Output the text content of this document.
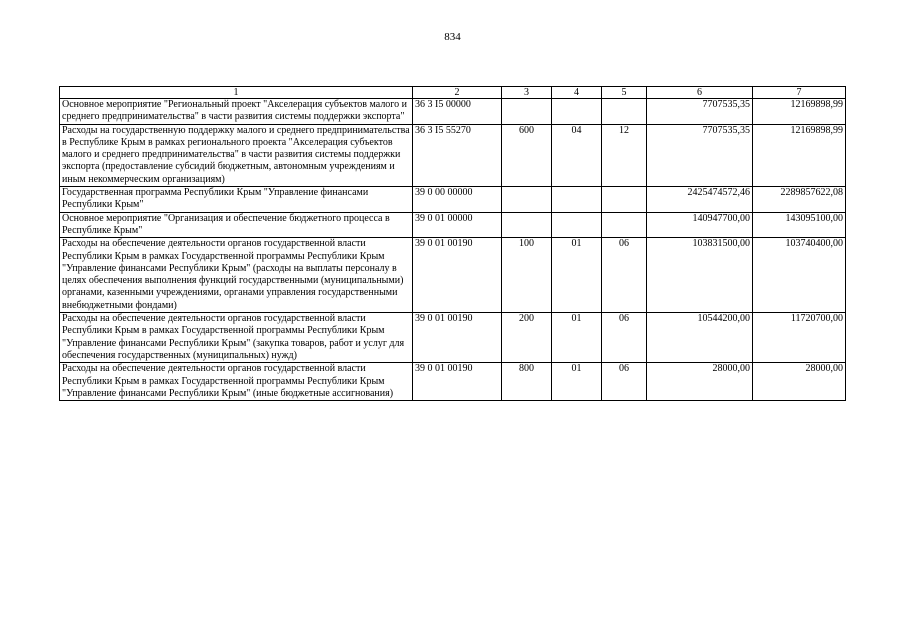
834
1	2	3	4	5	6	7
Основное мероприятие "Региональный проект "Акселерация субъектов малого и среднего предпринимательства" в части развития системы поддержки экспорта"	36 3 I5 00000				7707535,35	12169898,99
Расходы на государственную поддержку малого и среднего предпринимательства в Республике Крым в рамках регионального проекта "Акселерация субъектов малого и среднего предпринимательства" в части развития системы поддержки экспорта (предоставление субсидий бюджетным, автономным учреждениям и иным некоммерческим организациям)	36 3 I5 55270	600	04	12	7707535,35	12169898,99
Государственная программа Республики Крым "Управление финансами Республики Крым"	39 0 00 00000				2425474572,46	2289857622,08
Основное мероприятие "Организация и обеспечение бюджетного процесса в Республике Крым"	39 0 01 00000				140947700,00	143095100,00
Расходы на обеспечение деятельности органов государственной власти Республики Крым в рамках Государственной программы Республики Крым "Управление финансами Республики Крым" (расходы на выплаты персоналу в целях обеспечения выполнения функций государственными (муниципальными) органами, казенными учреждениями, органами управления государственными внебюджетными фондами)	39 0 01 00190	100	01	06	103831500,00	103740400,00
Расходы на обеспечение деятельности органов государственной власти Республики Крым в рамках Государственной программы Республики Крым "Управление финансами Республики Крым" (закупка товаров, работ и услуг для обеспечения государственных (муниципальных) нужд)	39 0 01 00190	200	01	06	10544200,00	11720700,00
Расходы на обеспечение деятельности органов государственной власти Республики Крым в рамках Государственной программы Республики Крым "Управление финансами Республики Крым" (иные бюджетные ассигнования)	39 0 01 00190	800	01	06	28000,00	28000,00
